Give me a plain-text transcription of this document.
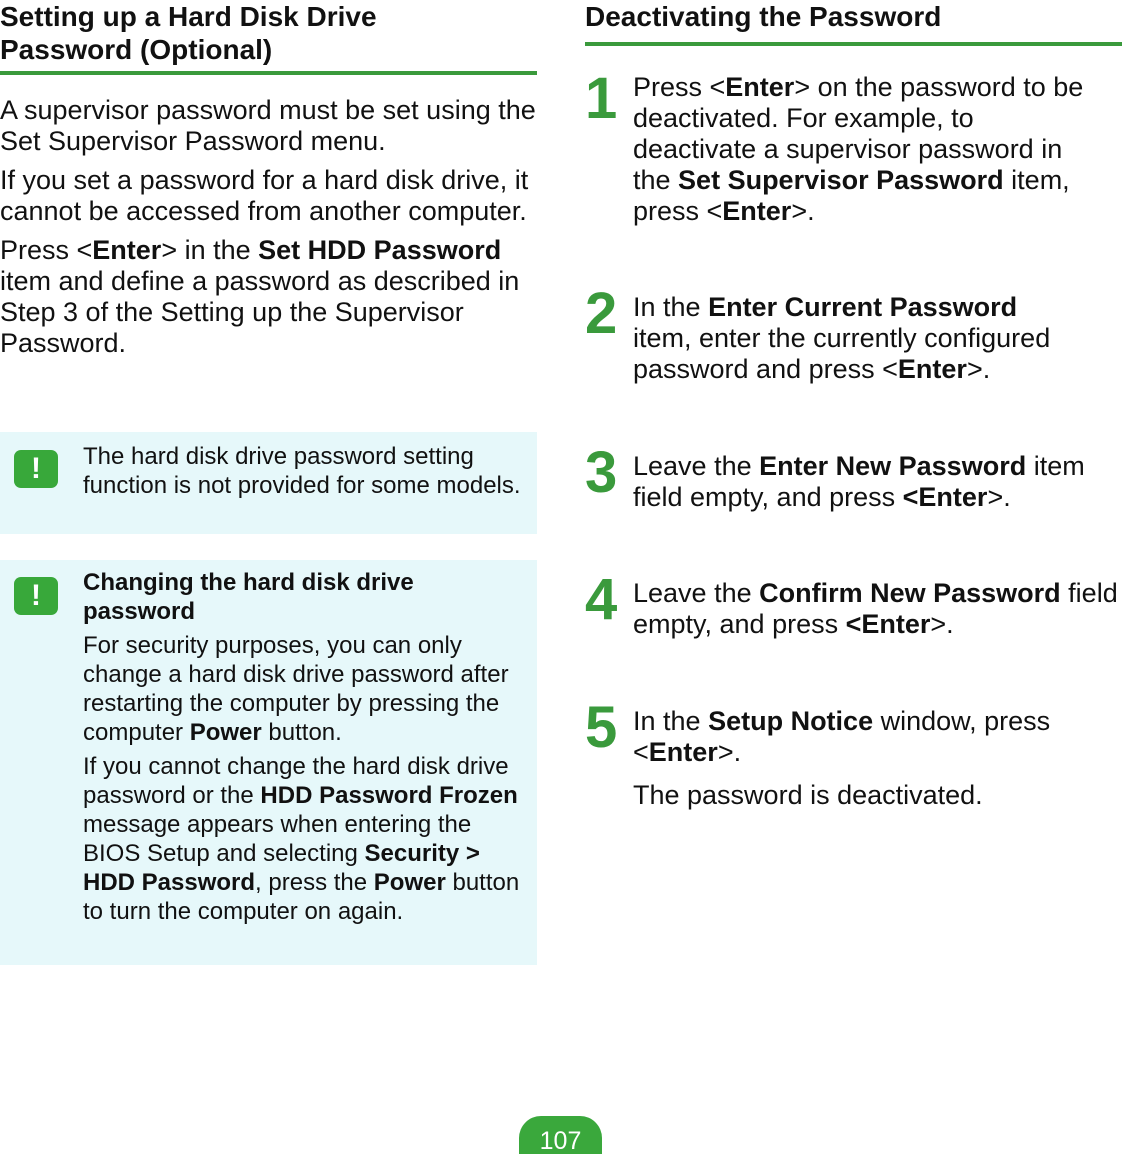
Setting up a Hard Disk Drive Password (Optional)

A supervisor password must be set using the Set Supervisor Password menu.

If you set a password for a hard disk drive, it cannot be accessed from another computer.

Press <Enter> in the Set HDD Password item and define a password as described in Step 3 of the Setting up the Supervisor Password.

!	The hard disk drive password setting function is not provided for some models.
!	Changing the hard disk drive password

For security purposes, you can only change a hard disk drive password after restarting the computer by pressing the computer Power button.

If you cannot change the hard disk drive password or the HDD Password Frozen message appears when entering the BIOS Setup and selecting Security > HDD Password, press the Power button to turn the computer on again.

Deactivating the Password
1 Press <Enter> on the password to be deactivated. For example, to deactivate a supervisor password in the Set Supervisor Password item, press <Enter>.
2 In the Enter Current Password item, enter the currently configured password and press <Enter>.
3 Leave the Enter New Password item field empty, and press <Enter>.
4 Leave the Confirm New Password field empty, and press <Enter>.
5 In the Setup Notice window, press <Enter>.
The password is deactivated.
107
